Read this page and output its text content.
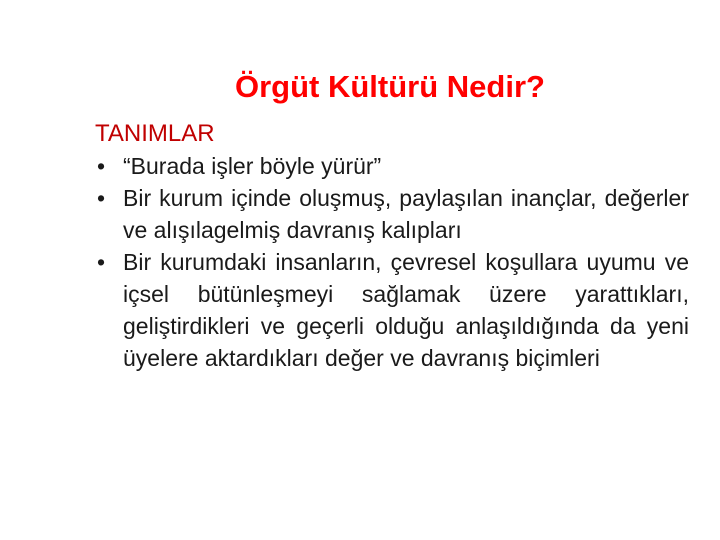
Örgüt Kültürü Nedir?
TANIMLAR
• “Burada işler böyle yürür”
• Bir kurum içinde oluşmuş, paylaşılan inançlar, değerler ve alışılagelmiş davranış kalıpları
• Bir kurumdaki insanların, çevresel koşullara uyumu ve içsel bütünleşmeyi sağlamak üzere yarattıkları, geliştirdikleri ve geçerli olduğu anlaşıldığında da yeni üyelere aktardıkları değer ve davranış biçimleri
